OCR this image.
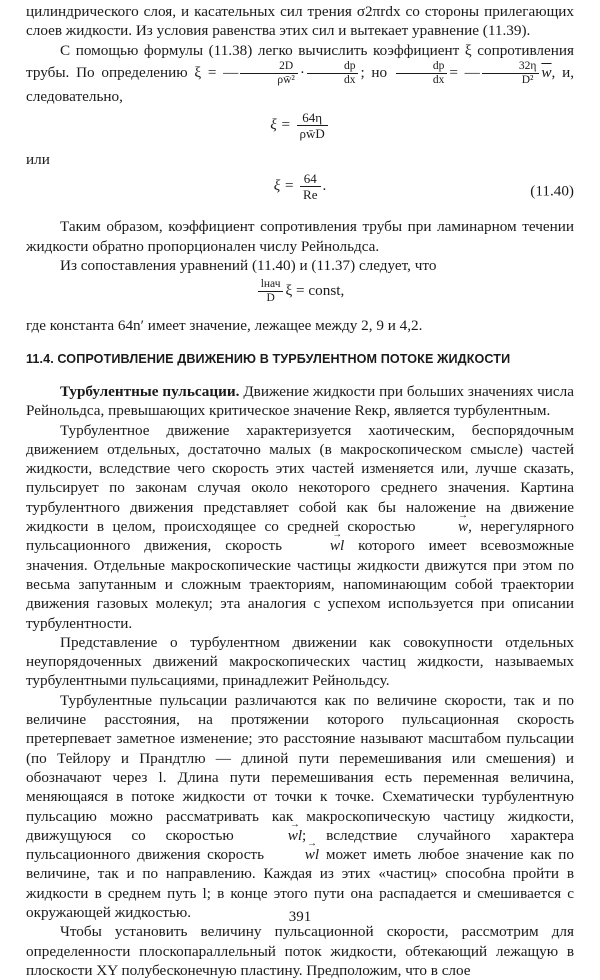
цилиндрического слоя, и касательных сил трения σ2πrdx со стороны прилегающих слоев жидкости. Из условия равенства этих сил и вытекает уравнение (11.39).

С помощью формулы (11.38) легко вычислить коэффициент ξ сопротивления трубы. По определению ξ = — $\frac{2D}{\text{ρw̄²}} \cdot \frac{dp}{dx}$ ; но $\frac{dp}{dx}$ = — $\frac{32\eta}{\text{D²}} \overline{w}$, и, следовательно,

$\xi = \frac{64\eta}{\rho w̄D}$

или

$\xi = \frac{64}{Re}$ .	(11.40)

Таким образом, коэффициент сопротивления трубы при ламинарном течении жидкости обратно пропорционален числу Рейнольдса.

Из сопоставления уравнений (11.40) и (11.37) следует, что

$\frac{\text{lнач}}{D}$ ξ = const,

где константа 64n′ имеет значение, лежащее между 2, 9 и 4,2.

11.4. СОПРОТИВЛЕНИЕ ДВИЖЕНИЮ В ТУРБУЛЕНТНОМ ПОТОКЕ ЖИДКОСТИ

Турбулентные пульсации. Движение жидкости при больших значениях числа Рейнольдса, превышающих критическое значение Reкр, является турбулентным.

Турбулентное движение характеризуется хаотическим, беспорядочным движением отдельных, достаточно малых (в макроскопическом смысле) частей жидкости, вследствие чего скорость этих частей изменяется или, лучше сказать, пульсирует по законам случая около некоторого среднего значения. Картина турбулентного движения представляет собой как бы наложение на движение жидкости в целом, происходящее со средней скоростью	→ w, нерегулярного пульсационного движения, скорость	→ wl которого имеет всевозможные значения. Отдельные макроскопические частицы жидкости движутся при этом по весьма запутанным и сложным траекториям, напоминающим собой траектории движения газовых молекул; эта аналогия с успехом используется при описании турбулентности.

Представление о турбулентном движении как совокупности отдельных неупорядоченных движений макроскопических частиц жидкости, называемых турбулентными пульсациями, принадлежит Рейнольдсу.

Турбулентные пульсации различаются как по величине скорости, так и по величине расстояния, на протяжении которого пульсационная скорость претерпевает заметное изменение; это расстояние называют масштабом пульсации (по Тейлору и Прандтлю — длиной пути перемешивания или смешения) и обозначают через l. Длина пути перемешивания есть переменная величина, меняющаяся в потоке жидкости от точки к точке. Схематически турбулентную пульсацию можно рассматривать как макроскопическую частицу жидкости, движущуюся со скоростью	→ wl; вследствие случайного характера пульсационного движения скорость	→ wl может иметь любое значение как по величине, так и по направлению. Каждая из этих «частиц» способна пройти в жидкости в среднем путь l; в конце этого пути она распадается и смешивается с окружающей жидкостью.

Чтобы установить величину пульсационной скорости, рассмотрим для определенности плоскопараллельный поток жидкости, обтекающий лежащую в плоскости XY полубесконечную пластину. Предположим, что в слое

391
